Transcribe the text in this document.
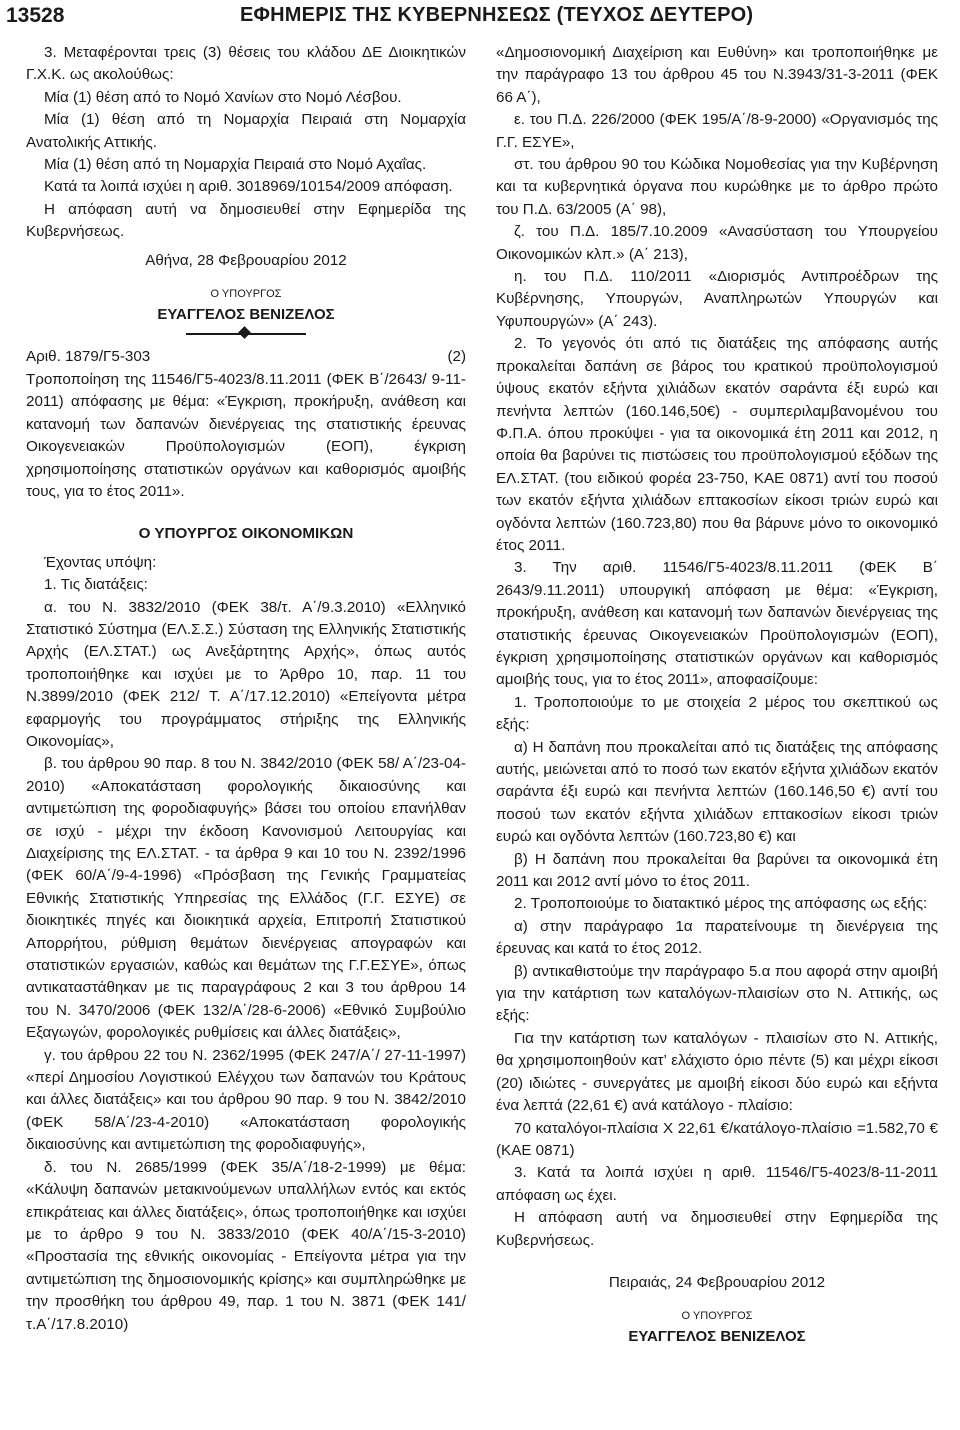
13528	ΕΦΗΜΕΡΙΣ ΤΗΣ ΚΥΒΕΡΝΗΣΕΩΣ (ΤΕΥΧΟΣ ΔΕΥΤΕΡΟ)

3. Μεταφέρονται τρεις (3) θέσεις του κλάδου ΔΕ Διοικητικών Γ.Χ.Κ. ως ακολούθως:

Μία (1) θέση από το Νομό Χανίων στο Νομό Λέσβου.

Μία (1) θέση από τη Νομαρχία Πειραιά στη Νομαρχία Ανατολικής Αττικής.

Μία (1) θέση από τη Νομαρχία Πειραιά στο Νομό Αχαΐας.

Κατά τα λοιπά ισχύει η αριθ. 3018969/10154/2009 απόφαση.

Η απόφαση αυτή να δημοσιευθεί στην Εφημερίδα της Κυβερνήσεως.

Αθήνα, 28 Φεβρουαρίου 2012

Ο ΥΠΟΥΡΓΟΣ

ΕΥΑΓΓΕΛΟΣ ΒΕΝΙΖΕΛΟΣ

Αριθ. 1879/Γ5-303	(2)

Τροποποίηση της 11546/Γ5-4023/8.11.2011 (ΦΕΚ Β΄/2643/ 9-11-2011) απόφασης με θέμα: «Έγκριση, προκήρυξη, ανάθεση και κατανομή των δαπανών διενέργειας της στατιστικής έρευνας Οικογενειακών Προϋπολογισμών (ΕΟΠ), έγκριση χρησιμοποίησης στατιστικών οργάνων και καθορισμός αμοιβής τους, για το έτος 2011».

Ο ΥΠΟΥΡΓΟΣ ΟΙΚΟΝΟΜΙΚΩΝ

Έχοντας υπόψη:

1. Τις διατάξεις:

α. του Ν. 3832/2010 (ΦΕΚ 38/τ. Α΄/9.3.2010) «Ελληνικό Στατιστικό Σύστημα (ΕΛ.Σ.Σ.) Σύσταση της Ελληνικής Στατιστικής Αρχής (ΕΛ.ΣΤΑΤ.) ως Ανεξάρτητης Αρχής», όπως αυτός τροποποιήθηκε και ισχύει με το Άρθρο 10, παρ. 11 του Ν.3899/2010 (ΦΕΚ 212/ Τ. Α΄/17.12.2010) «Επείγοντα μέτρα εφαρμογής του προγράμματος στήριξης της Ελληνικής Οικονομίας»,

β. του άρθρου 90 παρ. 8 του Ν. 3842/2010 (ΦΕΚ 58/ Α΄/23-04-2010) «Αποκατάσταση φορολογικής δικαιοσύνης και αντιμετώπιση της φοροδιαφυγής» βάσει του οποίου επανήλθαν σε ισχύ - μέχρι την έκδοση Κανονισμού Λειτουργίας και Διαχείρισης της ΕΛ.ΣΤΑΤ. - τα άρθρα 9 και 10 του Ν. 2392/1996 (ΦΕΚ 60/Α΄/9-4-1996) «Πρόσβαση της Γενικής Γραμματείας Εθνικής Στατιστικής Υπηρεσίας της Ελλάδος (Γ.Γ. ΕΣΥΕ) σε διοικητικές πηγές και διοικητικά αρχεία, Επιτροπή Στατιστικού Απορρήτου, ρύθμιση θεμάτων διενέργειας απογραφών και στατιστικών εργασιών, καθώς και θεμάτων της Γ.Γ.ΕΣΥΕ», όπως αντικαταστάθηκαν με τις παραγράφους 2 και 3 του άρθρου 14 του Ν. 3470/2006 (ΦΕΚ 132/Α΄/28-6-2006) «Εθνικό Συμβούλιο Εξαγωγών, φορολογικές ρυθμίσεις και άλλες διατάξεις»,

γ. του άρθρου 22 του Ν. 2362/1995 (ΦΕΚ 247/Α΄/ 27-11-1997) «περί Δημοσίου Λογιστικού Ελέγχου των δαπανών του Κράτους και άλλες διατάξεις» και του άρθρου 90 παρ. 9 του Ν. 3842/2010 (ΦΕΚ 58/Α΄/23-4-2010) «Αποκατάσταση φορολογικής δικαιοσύνης και αντιμετώπιση της φοροδιαφυγής»,

δ. του Ν. 2685/1999 (ΦΕΚ 35/Α΄/18-2-1999) με θέμα: «Κάλυψη δαπανών μετακινούμενων υπαλλήλων εντός και εκτός επικράτειας και άλλες διατάξεις», όπως τροποποιήθηκε και ισχύει με το άρθρο 9 του Ν. 3833/2010 (ΦΕΚ 40/Α΄/15-3-2010) «Προστασία της εθνικής οικονομίας - Επείγοντα μέτρα για την αντιμετώπιση της δημοσιονομικής κρίσης» και συμπληρώθηκε με την προσθήκη του άρθρου 49, παρ. 1 του Ν. 3871 (ΦΕΚ 141/τ.Α΄/17.8.2010)

«Δημοσιονομική Διαχείριση και Ευθύνη» και τροποποιήθηκε με την παράγραφο 13 του άρθρου 45 του Ν.3943/31-3-2011 (ΦΕΚ 66 Α΄),

ε. του Π.Δ. 226/2000 (ΦΕΚ 195/Α΄/8-9-2000) «Οργανισμός της Γ.Γ. ΕΣΥΕ»,

στ. του άρθρου 90 του Κώδικα Νομοθεσίας για την Κυβέρνηση και τα κυβερνητικά όργανα που κυρώθηκε με το άρθρο πρώτο του Π.Δ. 63/2005 (Α΄ 98),

ζ. του Π.Δ. 185/7.10.2009 «Ανασύσταση του Υπουργείου Οικονομικών κλπ.» (Α΄ 213),

η. του Π.Δ. 110/2011 «Διορισμός Αντιπροέδρων της Κυβέρνησης, Υπουργών, Αναπληρωτών Υπουργών και Υφυπουργών» (Α΄ 243).

2. Το γεγονός ότι από τις διατάξεις της απόφασης αυτής προκαλείται δαπάνη σε βάρος του κρατικού προϋπολογισμού ύψους εκατόν εξήντα χιλιάδων εκατόν σαράντα έξι ευρώ και πενήντα λεπτών (160.146,50€) - συμπεριλαμβανομένου του Φ.Π.Α. όπου προκύψει - για τα οικονομικά έτη 2011 και 2012, η οποία θα βαρύνει τις πιστώσεις του προϋπολογισμού εξόδων της ΕΛ.ΣΤΑΤ. (του ειδικού φορέα 23-750, ΚΑΕ 0871) αντί του ποσού των εκατόν εξήντα χιλιάδων επτακοσίων είκοσι τριών ευρώ και ογδόντα λεπτών (160.723,80) που θα βάρυνε μόνο το οικονομικό έτος 2011.

3. Την αριθ. 11546/Γ5-4023/8.11.2011 (ΦΕΚ Β΄ 2643/9.11.2011) υπουργική απόφαση με θέμα: «Έγκριση, προκήρυξη, ανάθεση και κατανομή των δαπανών διενέργειας της στατιστικής έρευνας Οικογενειακών Προϋπολογισμών (ΕΟΠ), έγκριση χρησιμοποίησης στατιστικών οργάνων και καθορισμός αμοιβής τους, για το έτος 2011», αποφασίζουμε:

1. Τροποποιούμε το με στοιχεία 2 μέρος του σκεπτικού ως εξής:

α) Η δαπάνη που προκαλείται από τις διατάξεις της απόφασης αυτής, μειώνεται από το ποσό των εκατόν εξήντα χιλιάδων εκατόν σαράντα έξι ευρώ και πενήντα λεπτών (160.146,50 €) αντί του ποσού των εκατόν εξήντα χιλιάδων επτακοσίων είκοσι τριών ευρώ και ογδόντα λεπτών (160.723,80 €) και

β) Η δαπάνη που προκαλείται θα βαρύνει τα οικονομικά έτη 2011 και 2012 αντί μόνο το έτος 2011.

2. Τροποποιούμε το διατακτικό μέρος της απόφασης ως εξής:

α) στην παράγραφο 1α παρατείνουμε τη διενέργεια της έρευνας και κατά το έτος 2012.

β) αντικαθιστούμε την παράγραφο 5.α που αφορά στην αμοιβή για την κατάρτιση των καταλόγων-πλαισίων στο Ν. Αττικής, ως εξής:

Για την κατάρτιση των καταλόγων - πλαισίων στο Ν. Αττικής, θα χρησιμοποιηθούν κατ’ ελάχιστο όριο πέντε (5) και μέχρι είκοσι (20) ιδιώτες - συνεργάτες με αμοιβή είκοσι δύο ευρώ και εξήντα ένα λεπτά (22,61 €) ανά κατάλογο - πλαίσιο:

70 καταλόγοι-πλαίσια Χ 22,61 €/κατάλογο-πλαίσιο =1.582,70 € (ΚΑΕ 0871)

3. Κατά τα λοιπά ισχύει η αριθ. 11546/Γ5-4023/8-11-2011 απόφαση ως έχει.

Η απόφαση αυτή να δημοσιευθεί στην Εφημερίδα της Κυβερνήσεως.

Πειραιάς, 24 Φεβρουαρίου 2012

Ο ΥΠΟΥΡΓΟΣ

ΕΥΑΓΓΕΛΟΣ ΒΕΝΙΖΕΛΟΣ
